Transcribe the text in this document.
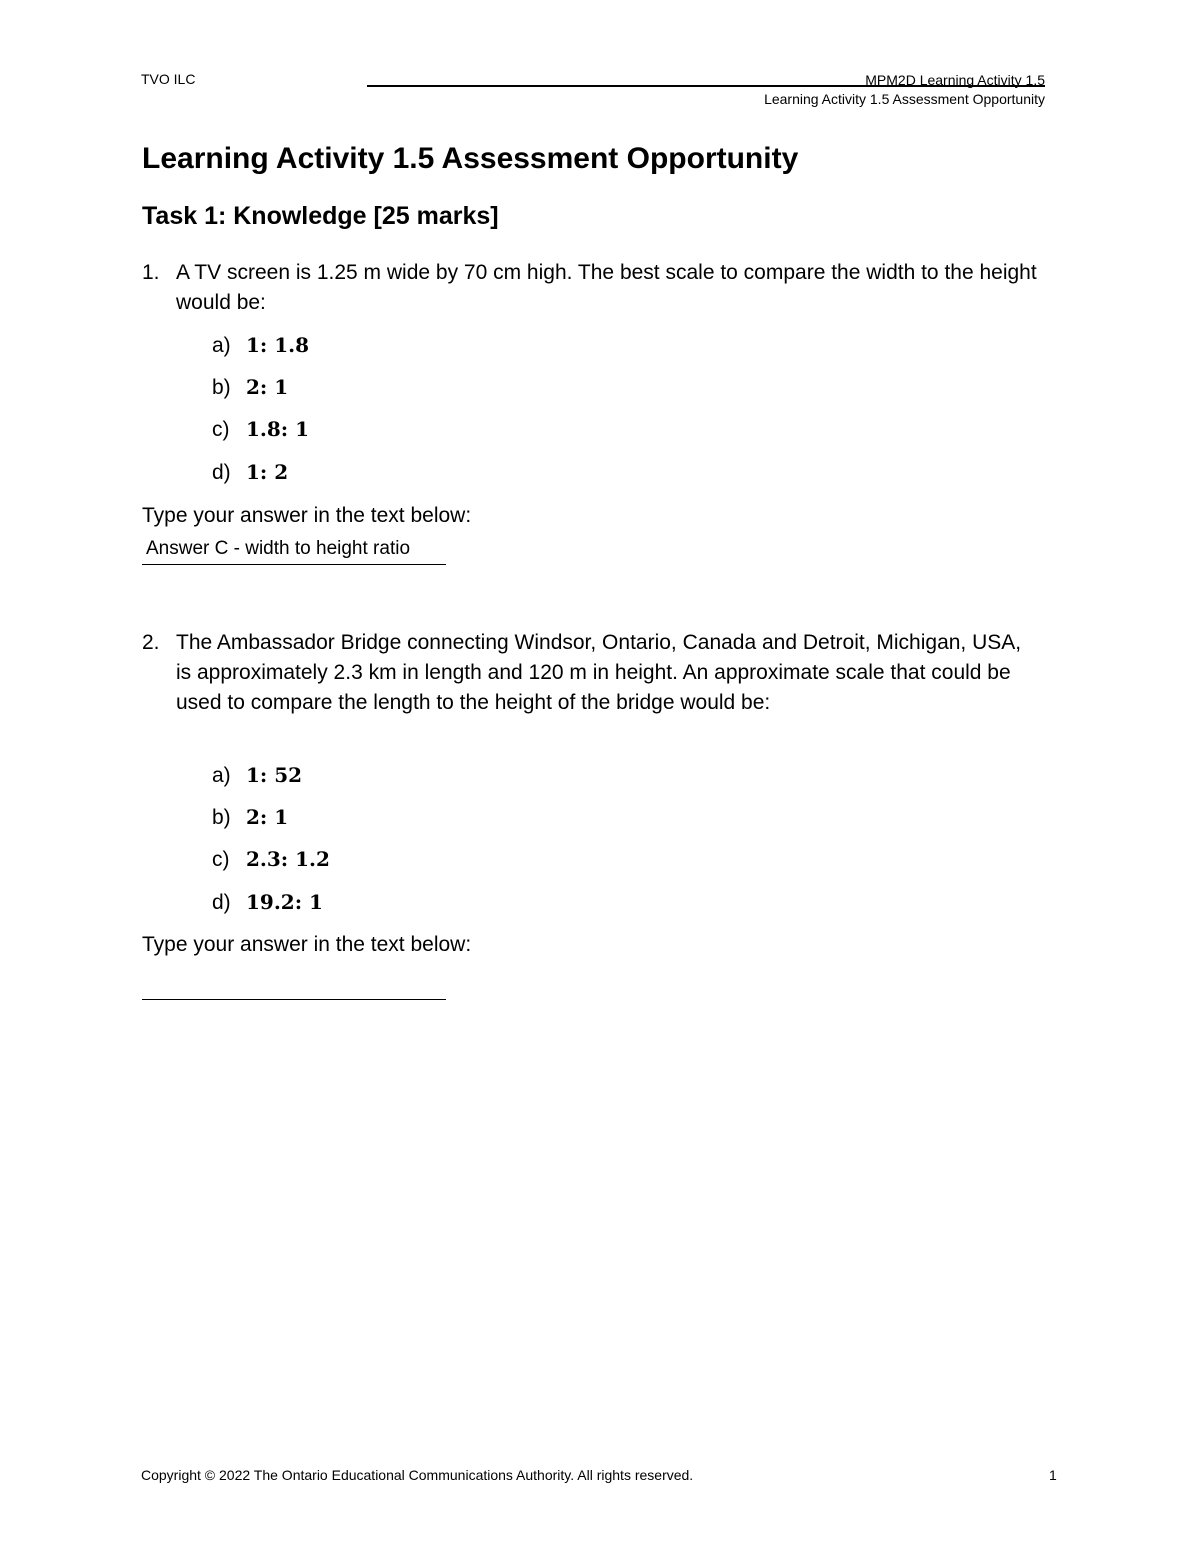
TVO ILC	MPM2D Learning Activity 1.5
Learning Activity 1.5 Assessment Opportunity
Learning Activity 1.5 Assessment Opportunity
Task 1: Knowledge [25 marks]
1. A TV screen is 1.25 m wide by 70 cm high. The best scale to compare the width to the height would be:
a) 1: 1.8
b) 2: 1
c) 1.8: 1
d) 1: 2
Type your answer in the text below:
Answer C - width to height ratio
2. The Ambassador Bridge connecting Windsor, Ontario, Canada and Detroit, Michigan, USA, is approximately 2.3 km in length and 120 m in height. An approximate scale that could be used to compare the length to the height of the bridge would be:
a) 1: 52
b) 2: 1
c) 2.3: 1.2
d) 19.2: 1
Type your answer in the text below:
Copyright © 2022 The Ontario Educational Communications Authority. All rights reserved.	1
